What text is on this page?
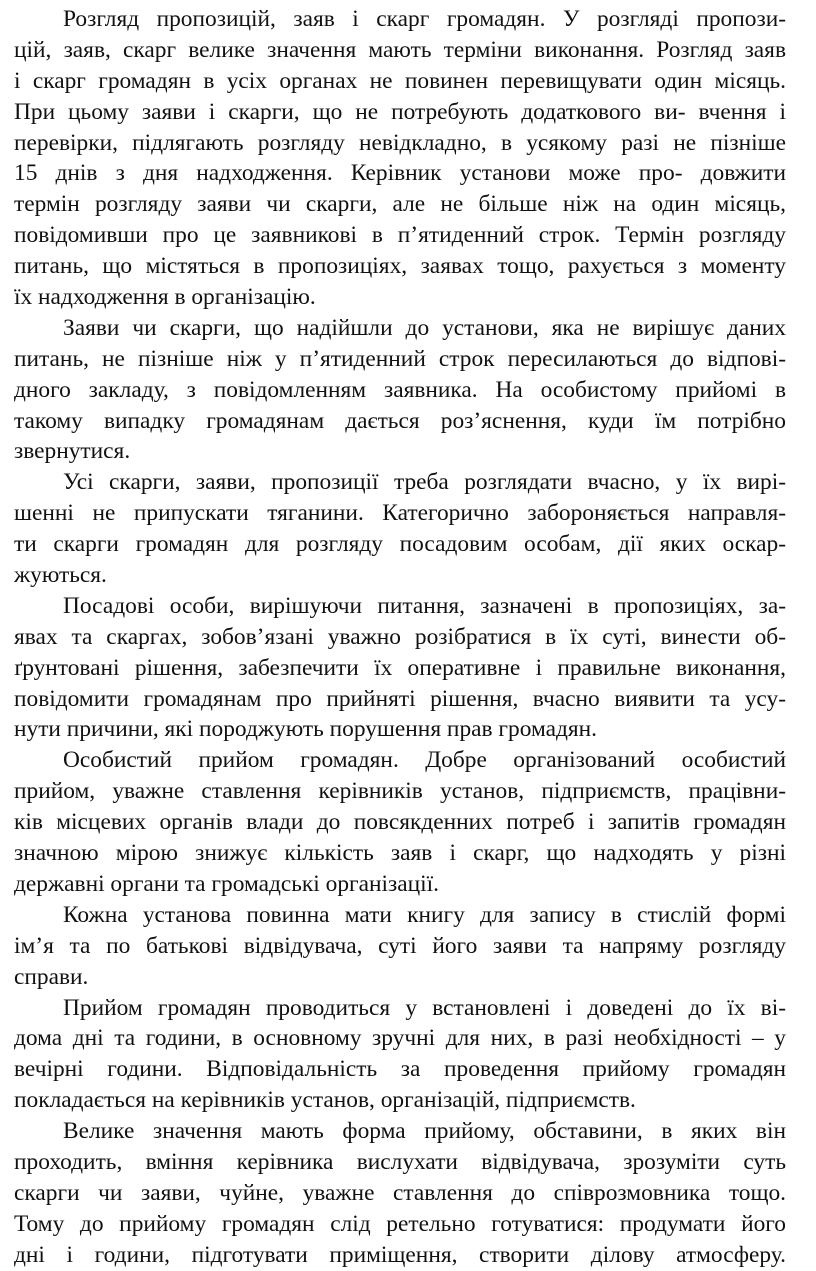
Розгляд пропозицій, заяв і скарг громадян. У розгляді пропози-
цій, заяв, скарг велике значення мають терміни виконання. Розгляд заяв
і скарг громадян в усіх органах не повинен перевищувати один місяць.
При цьому заяви і скарги, що не потребують додаткового ви- вчення і
перевірки, підлягають розгляду невідкладно, в усякому разі не пізніше
15 днів з дня надходження. Керівник установи може про- довжити
термін розгляду заяви чи скарги, але не більше ніж на один місяць,
повідомивши про це заявникові в п’ятиденний строк. Термін розгляду
питань, що містяться в пропозиціях, заявах тощо, рахується з моменту
їх надходження в організацію.
Заяви чи скарги, що надійшли до установи, яка не вирішує даних
питань, не пізніше ніж у п’ятиденний строк пересилаються до відпові-
дного закладу, з повідомленням заявника. На особистому прийомі в
такому випадку громадянам дається роз’яснення, куди їм потрібно
звернутися.
Усі скарги, заяви, пропозиції треба розглядати вчасно, у їх вирі-
шенні не припускати тяганини. Категорично забороняється направля-
ти скарги громадян для розгляду посадовим особам, дії яких оскар-
жуються.
Посадові особи, вирішуючи питання, зазначені в пропозиціях, за-
явах та скаргах, зобов’язані уважно розібратися в їх суті, винести об-
ґрунтовані рішення, забезпечити їх оперативне і правильне виконання,
повідомити громадянам про прийняті рішення, вчасно виявити та усу-
нути причини, які породжують порушення прав громадян.
Особистий прийом громадян. Добре організований особистий
прийом, уважне ставлення керівників установ, підприємств, працівни-
ків місцевих органів влади до повсякденних потреб і запитів громадян
значною мірою знижує кількість заяв і скарг, що надходять у різні
державні органи та громадські організації.
Кожна установа повинна мати книгу для запису в стислій формі
ім’я та по батькові відвідувача, суті його заяви та напряму розгляду
справи.
Прийом громадян проводиться у встановлені і доведені до їх ві-
дома дні та години, в основному зручні для них, в разі необхідності – у
вечірні години. Відповідальність за проведення прийому громадян
покладається на керівників установ, організацій, підприємств.
Велике значення мають форма прийому, обставини, в яких він
проходить, вміння керівника вислухати відвідувача, зрозуміти суть
скарги чи заяви, чуйне, уважне ставлення до співрозмовника тощо.
Тому до прийому громадян слід ретельно готуватися: продумати його
дні і години, підготувати приміщення, створити ділову атмосферу.
